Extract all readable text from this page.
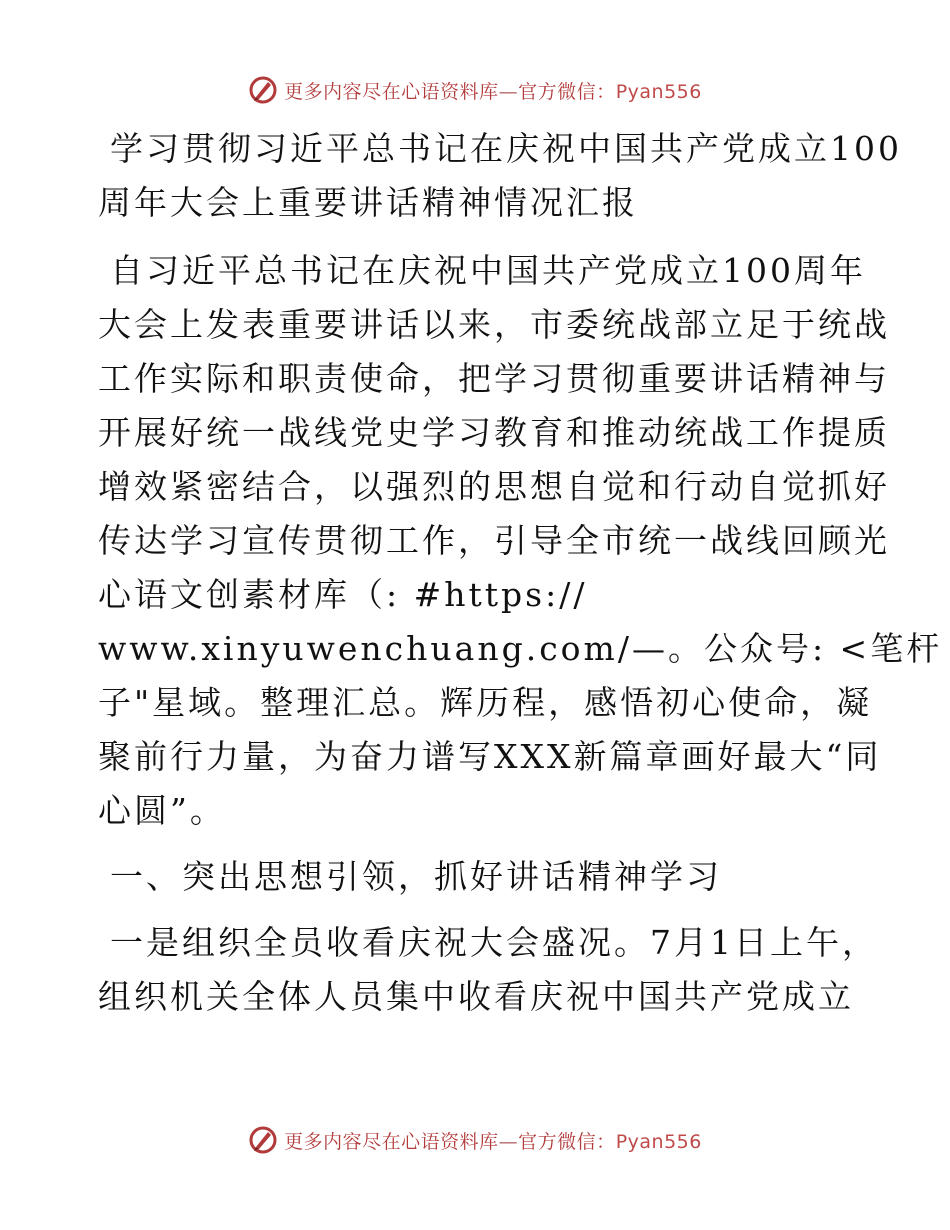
更多内容尽在心语资料库—官方微信：Pyan556
学习贯彻习近平总书记在庆祝中国共产党成立100
周年大会上重要讲话精神情况汇报
自习近平总书记在庆祝中国共产党成立100周年
大会上发表重要讲话以来，市委统战部立足于统战
工作实际和职责使命，把学习贯彻重要讲话精神与
开展好统一战线党史学习教育和推动统战工作提质
增效紧密结合，以强烈的思想自觉和行动自觉抓好
传达学习宣传贯彻工作，引导全市统一战线回顾光
心语文创素材库（: #https://
www.xinyuwenchuang.com/—。公众号: <笔杆
子"星域。整理汇总。辉历程，感悟初心使命，凝
聚前行力量，为奋力谱写XXX新篇章画好最大“同
心圆”。
一、突出思想引领，抓好讲话精神学习
一是组织全员收看庆祝大会盛况。7月1日上午，
组织机关全体人员集中收看庆祝中国共产党成立
更多内容尽在心语资料库—官方微信：Pyan556
